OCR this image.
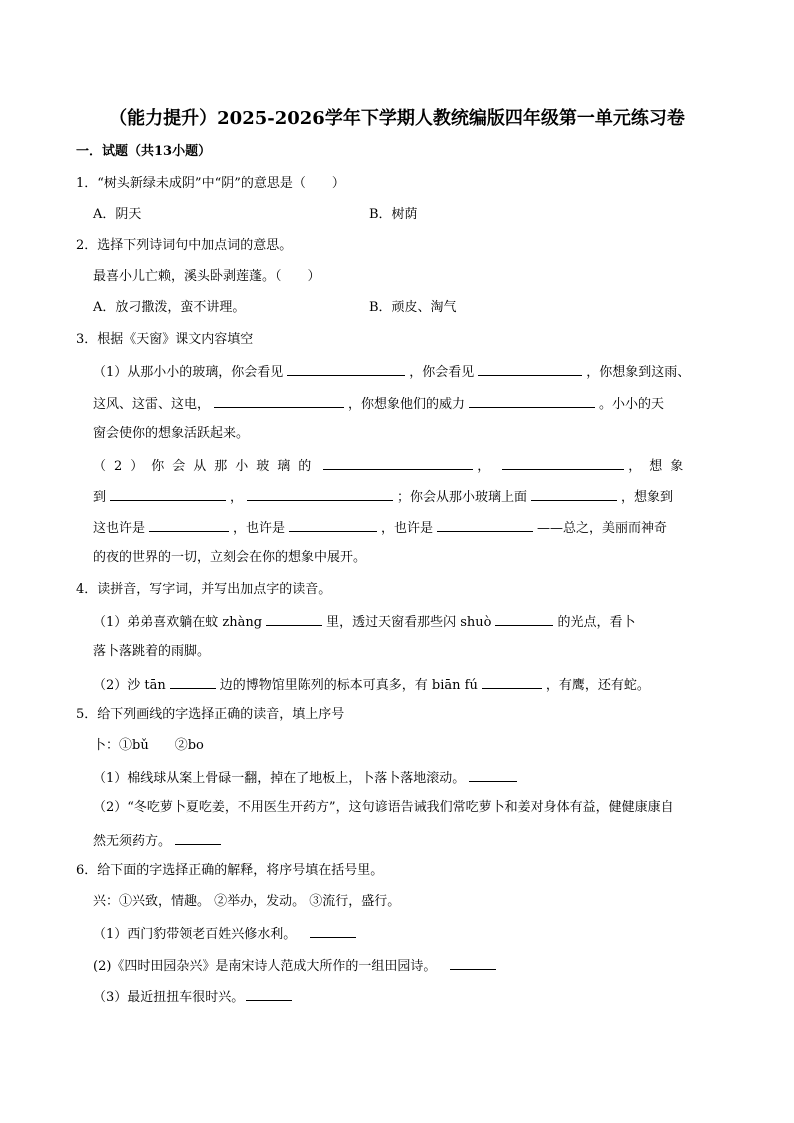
（能力提升）2025-2026学年下学期人教统编版四年级第一单元练习卷
一．试题（共13小题）
1．“树头新绿未成阴”中“阴”的意思是（　　）
A．阴天	B．树荫
2．选择下列诗词句中加点词的意思。
最喜小儿亡赖，溪头卧剥莲蓬。（　　）
A．放刁撒泼，蛮不讲理。	B．顽皮、淘气
3．根据《天窗》课文内容填空
（1）从那小小的玻璃，你会看见	，你会看见	，你想象到这雨、
这风、这雷、这电，	，你想象他们的威力	。小小的天
窗会使你的想象活跃起来。
（2）你会从那小玻璃的	，	，想象
到	，	；你会从那小玻璃上面	，想象到
这也许是	，也许是	，也许是	——总之，美丽而神奇
的夜的世界的一切，立刻会在你的想象中展开。
4．读拼音，写字词，并写出加点字的读音。
（1）弟弟喜欢躺在蚊 zhàng	里，透过天窗看那些闪 shuò	的光点，看卜
落卜落跳着的雨脚。
（2）沙 tān	边的博物馆里陈列的标本可真多，有 biān fú	，有鹰，还有蛇。
5．给下列画线的字选择正确的读音，填上序号
卜：①bǔ　　②bo
（1）棉线球从案上骨碌一翻，掉在了地板上，卜落卜落地滚动。
（2）“冬吃萝卜夏吃姜，不用医生开药方”，这句谚语告诫我们常吃萝卜和姜对身体有益，健健康康自
然无须药方。
6．给下面的字选择正确的解释，将序号填在括号里。
兴：①兴致，情趣。 ②举办，发动。 ③流行，盛行。
（1）西门豹带领老百姓兴修水利。
(2)《四时田园杂兴》是南宋诗人范成大所作的一组田园诗。
（3）最近扭扭车很时兴。
